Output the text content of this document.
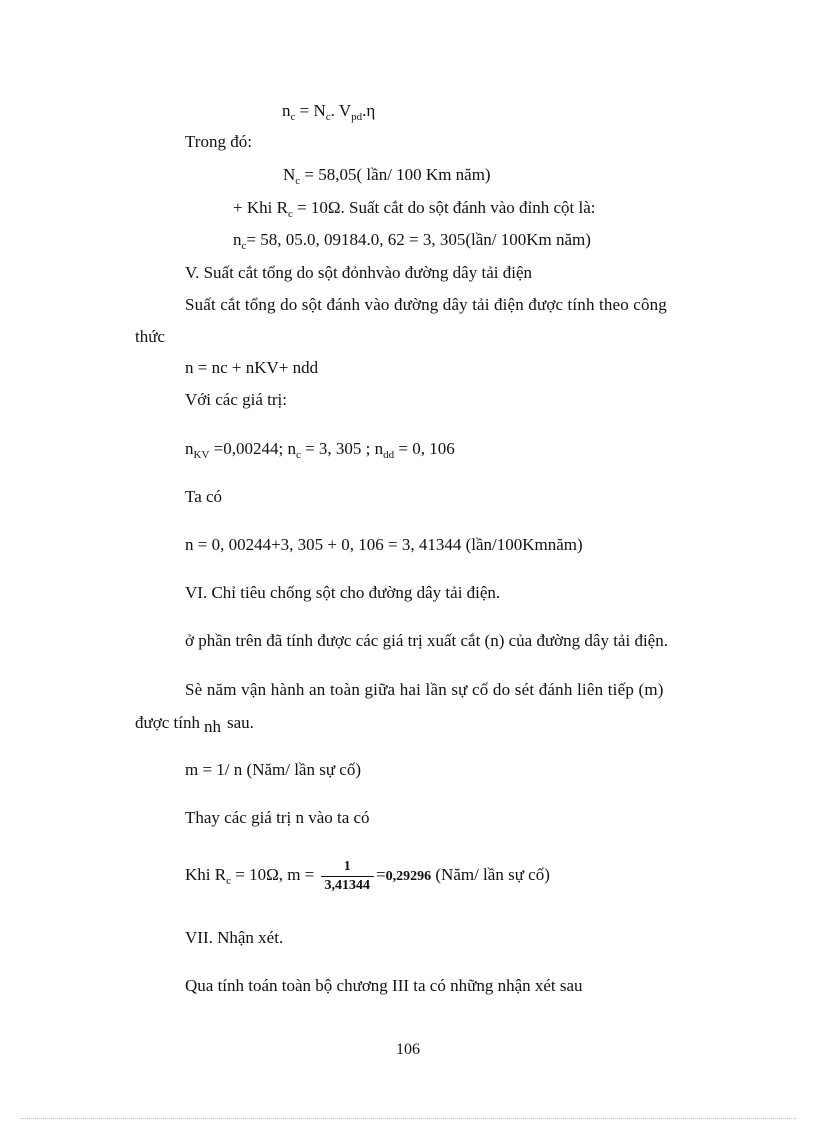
$n_c = N_c$. $V_{pd}.\eta$
Trong đó:
$N_c = 58,05$( lần/ 100 Km năm)
+ Khi $R_c = 10\Omega$. Suất cắt do sột đánh vào đỉnh cột là:
$n_c= 58$, 05.0, 09184.0, 62 = 3, 305(lần/ 100Km năm)
V. Suất cắt tổng do sột đỏnhvào đường dây tải điện
Suất cắt tổng do sột đánh vào đường dây tải điện được tính theo công
thức
n = nc + nKV+ ndd
Với các giá trị:
$n_{KV} =0,00244$; $n_c = 3$, 305 ; $n_{dd} = 0$, 106
Ta có
n = 0, 00244+3, 305 + 0, 106 = 3, 41344 (lần/100Kmnăm)
VI. Chỉ tiêu chống sột cho đường dây tải điện.
ở phần trên đã tính được các giá trị xuất cắt (n) của đường dây tải điện.
Sè năm vận hành an toàn giữa hai lần sự cố do sét đánh liên tiếp (m)
được tính nh sau.
m = 1/ n (Năm/ lần sự cố)
Thay các giá trị n vào ta có
Khi $R_c = 10\Omega$, $m = \frac{1}{3,41344} =0,29296$ (Năm/ lần sự cố)
VII. Nhận xét.
Qua tính toán toàn bộ chương III ta có những nhận xét sau
106
